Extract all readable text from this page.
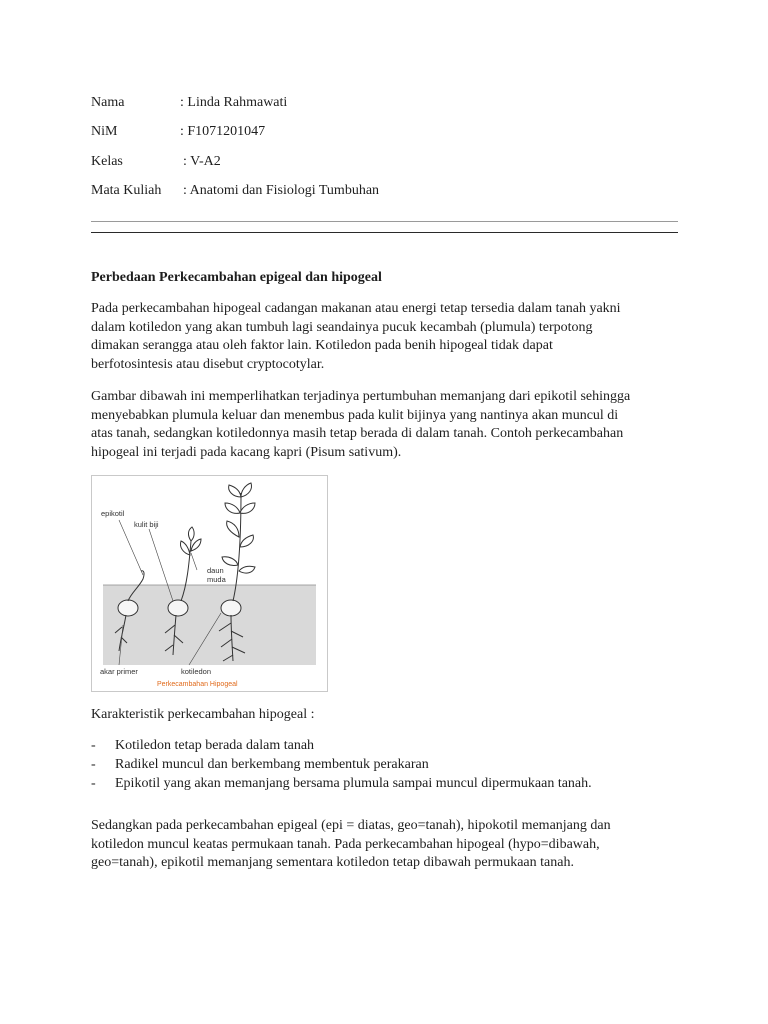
Nama	: Linda Rahmawati
NiM	: F1071201047
Kelas	: V-A2
Mata Kuliah : Anatomi dan Fisiologi Tumbuhan
Perbedaan Perkecambahan epigeal dan hipogeal
Pada perkecambahan hipogeal cadangan makanan atau energi tetap tersedia dalam tanah yakni
dalam kotiledon yang akan tumbuh lagi seandainya pucuk kecambah (plumula) terpotong
dimakan serangga atau oleh faktor lain. Kotiledon pada benih hipogeal tidak dapat
berfotosintesis atau disebut cryptocotylar.
Gambar dibawah ini memperlihatkan terjadinya pertumbuhan memanjang dari epikotil sehingga
menyebabkan plumula keluar dan menembus pada kulit bijinya yang nantinya akan muncul di
atas tanah, sedangkan kotiledonnya masih tetap berada di dalam tanah. Contoh perkecambahan
hipogeal ini terjadi pada kacang kapri (Pisum sativum).
epikotil
kulit biji
daun
muda
akar primer	kotiledon
Perkecambahan Hipogeal
Karakteristik perkecambahan hipogeal :
- Kotiledon tetap berada dalam tanah
- Radikel muncul dan berkembang membentuk perakaran
- Epikotil yang akan memanjang bersama plumula sampai muncul dipermukaan tanah.
Sedangkan pada perkecambahan epigeal (epi = diatas, geo=tanah), hipokotil memanjang dan
kotiledon muncul keatas permukaan tanah. Pada perkecambahan hipogeal (hypo=dibawah,
geo=tanah), epikotil memanjang sementara kotiledon tetap dibawah permukaan tanah.
